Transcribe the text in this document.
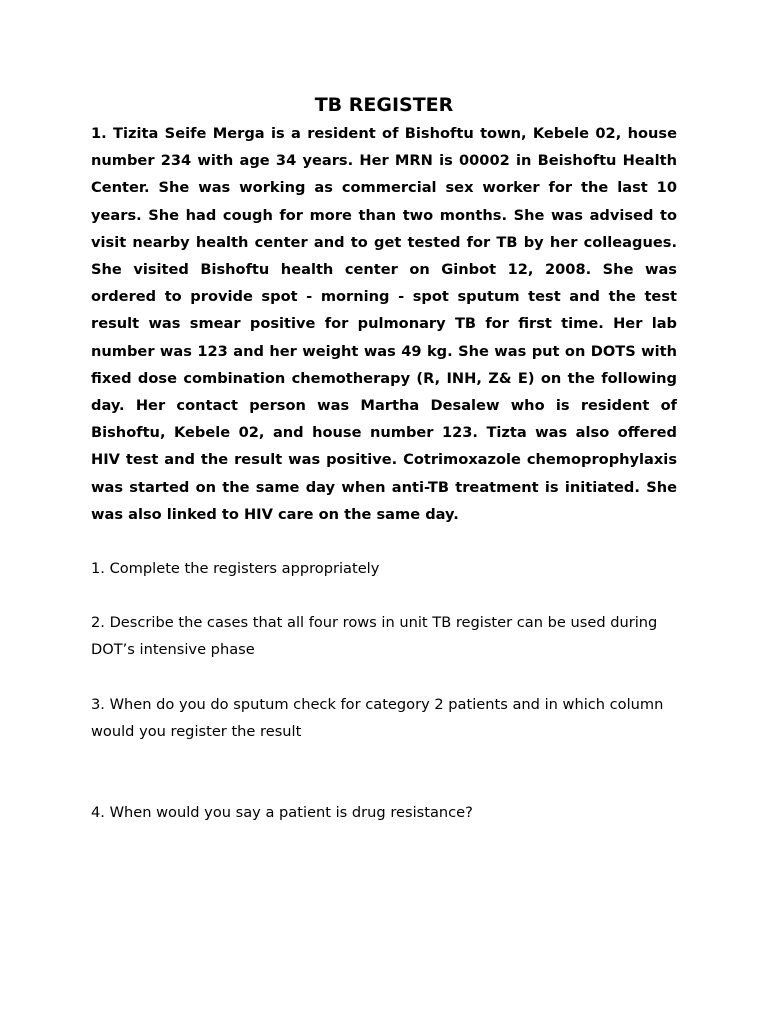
TB REGISTER

1. Tizita Seife Merga is a resident of Bishoftu town, Kebele 02, house number 234 with age 34 years. Her MRN is 00002 in Beishoftu Health Center. She was working as commercial sex worker for the last 10 years. She had cough for more than two months. She was advised to visit nearby health center and to get tested for TB by her colleagues. She visited Bishoftu health center on Ginbot 12, 2008. She was ordered to provide spot - morning - spot sputum test and the test result was smear positive for pulmonary TB for first time. Her lab number was 123 and her weight was 49 kg. She was put on DOTS with fixed dose combination chemotherapy (R, INH, Z& E) on the following day. Her contact person was Martha Desalew who is resident of Bishoftu, Kebele 02, and house number 123. Tizta was also offered HIV test and the result was positive. Cotrimoxazole chemoprophylaxis was started on the same day when anti-TB treatment is initiated. She was also linked to HIV care on the same day.

1. Complete the registers appropriately

2. Describe the cases that all four rows in unit TB register can be used during DOT’s intensive phase

3. When do you do sputum check for category 2 patients and in which column would you register the result

4. When would you say a patient is drug resistance?
